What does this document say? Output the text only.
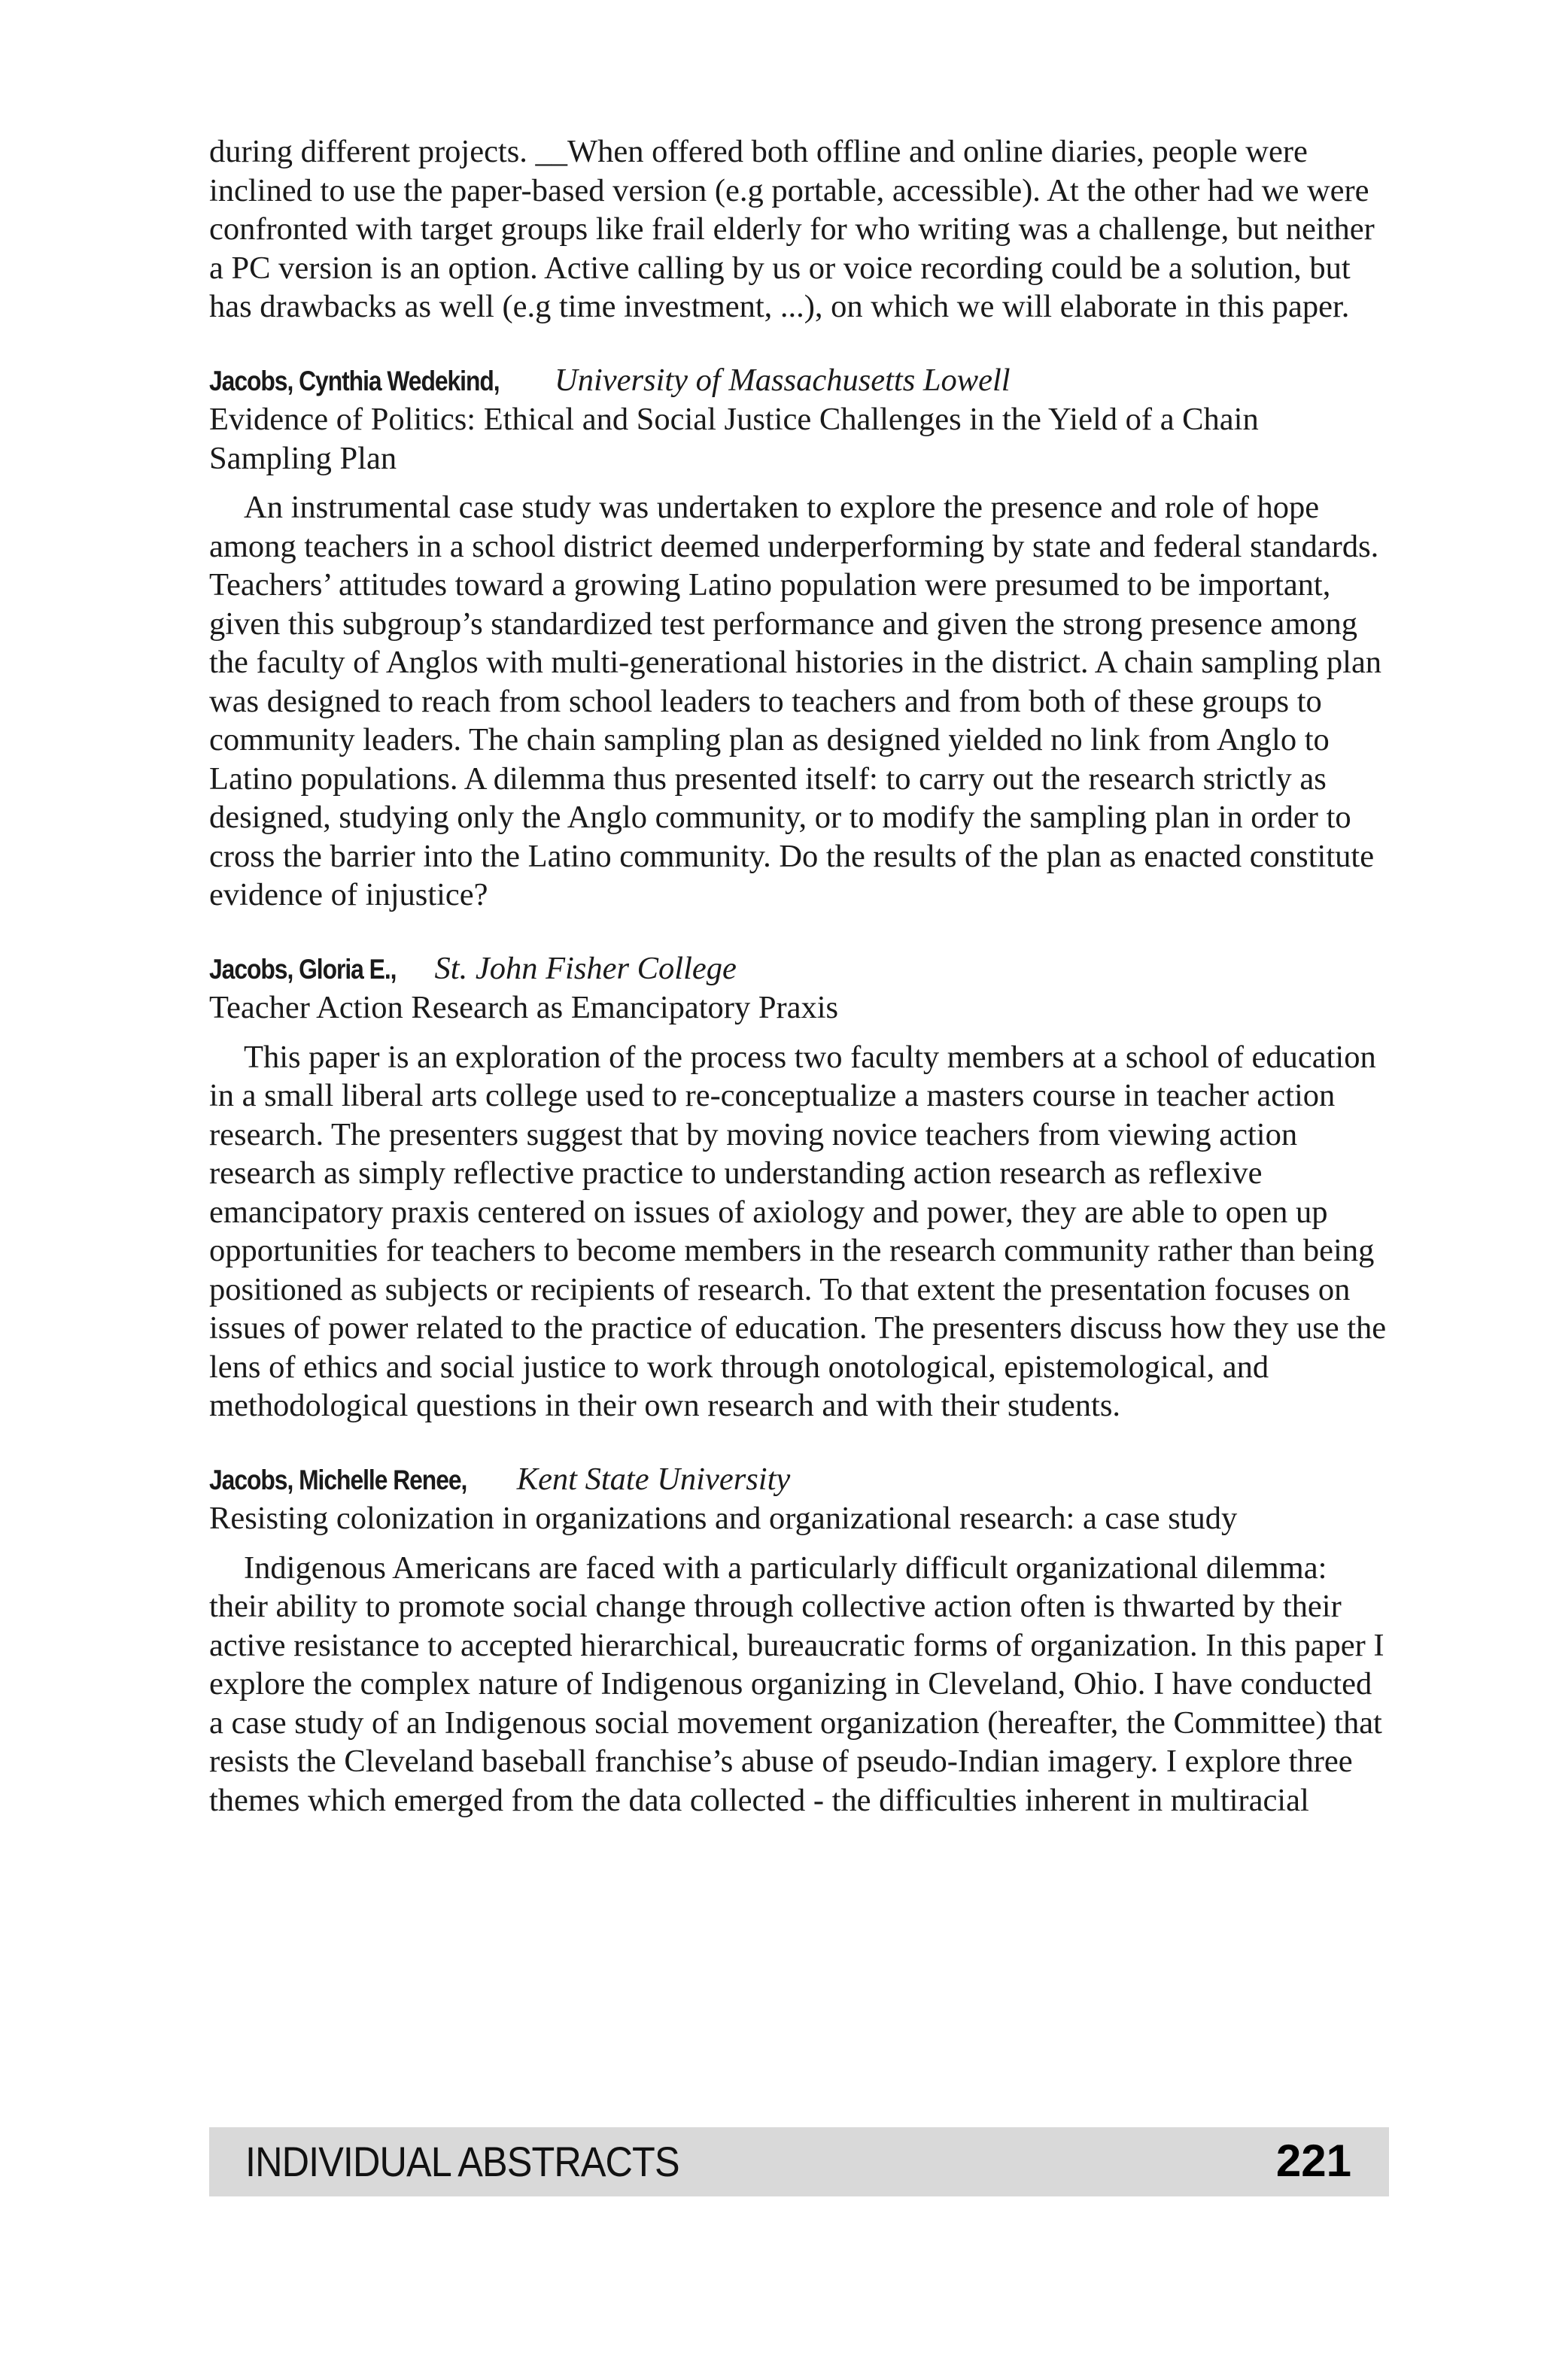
during different projects. __When offered both offline and online diaries, people were inclined to use the paper-based version (e.g portable, accessible). At the other had we were confronted with target groups like frail elderly for who writing was a challenge, but neither a PC version is an option. Active calling by us or voice recording could be a solution, but has drawbacks as well (e.g time investment, ...), on which we will elaborate in this paper.

Jacobs, Cynthia Wedekind, University of Massachusetts Lowell

Evidence of Politics: Ethical and Social Justice Challenges in the Yield of a Chain Sampling Plan

An instrumental case study was undertaken to explore the presence and role of hope among teachers in a school district deemed underperforming by state and federal standards. Teachers’ attitudes toward a growing Latino population were presumed to be important, given this subgroup’s standardized test performance and given the strong presence among the faculty of Anglos with multi-generational histories in the district. A chain sampling plan was designed to reach from school leaders to teachers and from both of these groups to community leaders. The chain sampling plan as designed yielded no link from Anglo to Latino populations. A dilemma thus presented itself: to carry out the research strictly as designed, studying only the Anglo community, or to modify the sampling plan in order to cross the barrier into the Latino community. Do the results of the plan as enacted constitute evidence of injustice?

Jacobs, Gloria E., St. John Fisher College

Teacher Action Research as Emancipatory Praxis

This paper is an exploration of the process two faculty members at a school of education in a small liberal arts college used to re-conceptualize a masters course in teacher action research. The presenters suggest that by moving novice teachers from viewing action research as simply reflective practice to understanding action research as reflexive emancipatory praxis centered on issues of axiology and power, they are able to open up opportunities for teachers to become members in the research community rather than being positioned as subjects or recipients of research. To that extent the presentation focuses on issues of power related to the practice of education. The presenters discuss how they use the lens of ethics and social justice to work through onotological, epistemological, and methodological questions in their own research and with their students.

Jacobs, Michelle Renee, Kent State University

Resisting colonization in organizations and organizational research: a case study

Indigenous Americans are faced with a particularly difficult organizational dilemma: their ability to promote social change through collective action often is thwarted by their active resistance to accepted hierarchical, bureaucratic forms of organization. In this paper I explore the complex nature of Indigenous organizing in Cleveland, Ohio. I have conducted a case study of an Indigenous social movement organization (hereafter, the Committee) that resists the Cleveland baseball franchise’s abuse of pseudo-Indian imagery. I explore three themes which emerged from the data collected - the difficulties inherent in multiracial

INDIVIDUAL ABSTRACTS	221
